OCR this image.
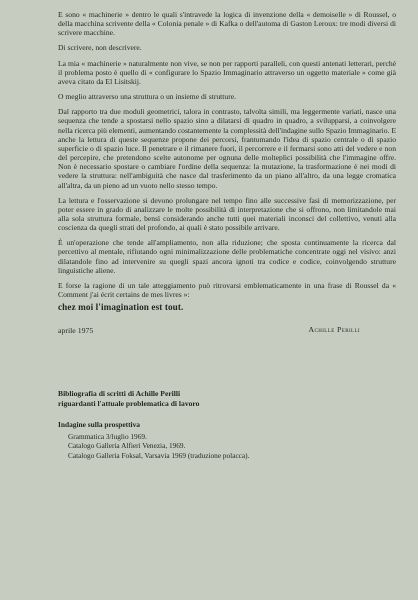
E sono « machinerie » dentro le quali s'intravede la logica di invenzione della « demoiselle » di Roussel, o della macchina scrivente della « Colonia penale » di Kafka o dell'automa di Gaston Leroux: tre modi diversi di scrivere macchine.

Di scrivere, non descrivere.

La mia « machinerie » naturalmente non vive, se non per rapporti paralleli, con questi antenati letterari, perché il problema posto è quello di « configurare lo Spazio Immaginario attraverso un oggetto materiale » come già aveva citato da El Lisitskij.

O meglio attraverso una struttura o un insieme di strutture.

Dal rapporto tra due moduli geometrici, talora in contrasto, talvolta simili, ma leggermente variati, nasce una sequenza che tende a spostarsi nello spazio sino a dilatarsi di quadro in quadro, a svilupparsi, a coinvolgere nella ricerca più elementi, aumentando costantemente la complessità dell'indagine sullo Spazio Immaginario. E anche la lettura di queste sequenze propone dei percorsi, frantumando l'idea di spazio centrale o di spazio superficie o di spazio luce. Il penetrare e il rimanere fuori, il percorrere e il fermarsi sono atti del vedere e non del percepire, che pretendono scelte autonome per ognuna delle molteplici possibilità che l'immagine offre. Non è necessario spostare o cambiare l'ordine della sequenza: la mutazione, la trasformazione è nei modi di vedere la struttura: nell'ambiguità che nasce dal trasferimento da un piano all'altro, da una legge cromatica all'altra, da un pieno ad un vuoto nello stesso tempo.

La lettura e l'osservazione si devono prolungare nel tempo fino alle successive fasi di memorizzazione, per poter essere in grado di analizzare le molte possibilità di interpretazione che si offrono, non limitandole mai alla sola struttura formale, bensì considerando anche tutti quei materiali inconsci del collettivo, venuti alla coscienza da quegli strati del profondo, ai quali è stato possibile arrivare.

È un'operazione che tende all'ampliamento, non alla riduzione; che sposta continuamente la ricerca dal percettivo al mentale, rifiutando ogni minimalizzazione delle problematiche concentrate oggi nel visivo: anzi dilatandole fino ad intervenire su quegli spazi ancora ignoti tra codice e codice, coinvolgendo strutture linguistiche aliene.

E forse la ragione di un tale atteggiamento può ritrovarsi emblematicamente in una frase di Roussel da « Comment j'ai écrit certains de mes livres »:

chez moi l'imagination est tout.
aprile 1975	Achille Perilli

Bibliografia di scritti di Achille Perilli

riguardanti l'attuale problematica di lavoro

Indagine sulla prospettiva
Grammatica 3/luglio 1969.
Catalogo Galleria Alfieri Venezia, 1969.
Catalogo Galleria Foksal, Varsavia 1969 (traduzione polacca).
